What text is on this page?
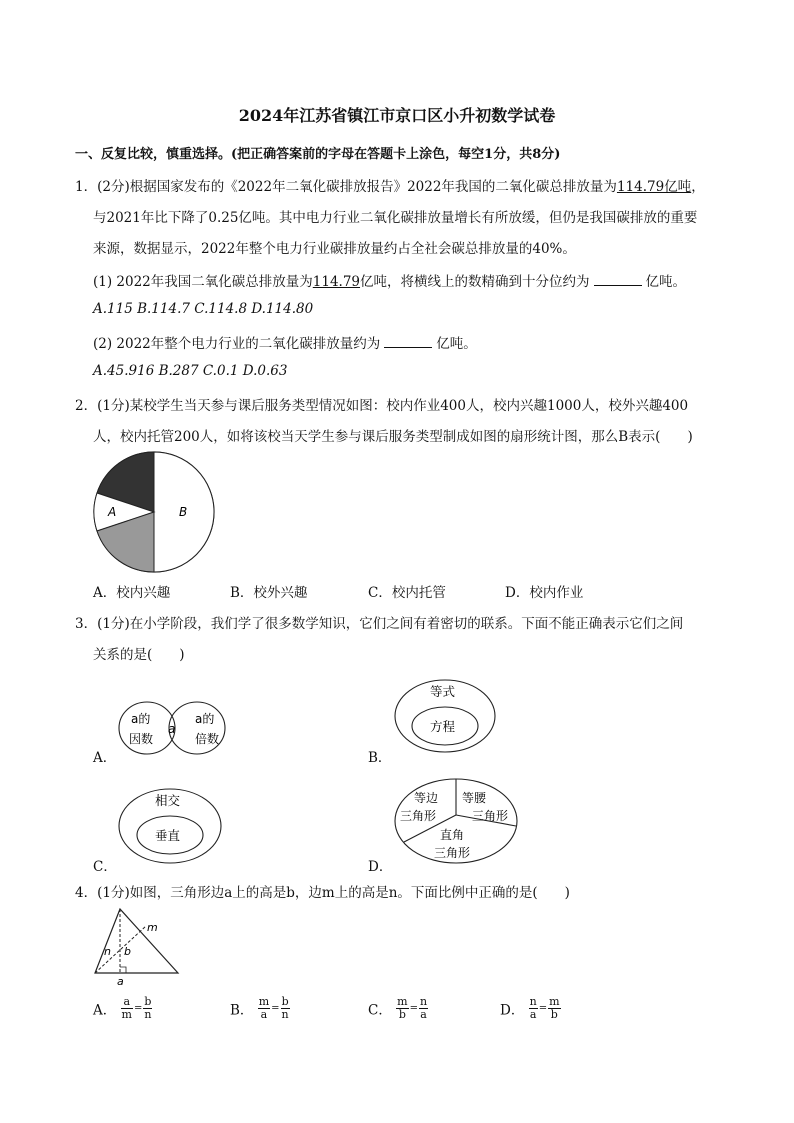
2024年江苏省镇江市京口区小升初数学试卷
一、反复比较，慎重选择。(把正确答案前的字母在答题卡上涂色，每空1分，共8分)
1．(2分)根据国家发布的《2022年二氧化碳排放报告》2022年我国的二氧化碳总排放量为114.79亿吨，
与2021年比下降了0.25亿吨。其中电力行业二氧化碳排放量增长有所放缓，但仍是我国碳排放的重要
来源，数据显示，2022年整个电力行业碳排放量约占全社会碳总排放量的40%。
(1) 2022年我国二氧化碳总排放量为114.79亿吨，将横线上的数精确到十分位约为	亿吨。
A.115 B.114.7 C.114.8 D.114.80
(2) 2022年整个电力行业的二氧化碳排放量约为	亿吨。
A.45.916 B.287 C.0.1 D.0.63
2．(1分)某校学生当天参与课后服务类型情况如图：校内作业400人，校内兴趣1000人，校外兴趣400
人，校内托管200人，如将该校当天学生参与课后服务类型制成如图的扇形统计图，那么B表示(　　)
A	B
A．校内兴趣	B．校外兴趣	C．校内托管	D．校内作业
3．(1分)在小学阶段，我们学了很多数学知识，它们之间有着密切的联系。下面不能正确表示它们之间
关系的是(　　)
A．
a的
因数
a
a的
倍数
B．
等式
方程
C．
相交
垂直
D．
等边
三角形
等腰
三角形
直角
三角形
4．(1分)如图，三角形边a上的高是b，边m上的高是n。下面比例中正确的是(　　)
m
n b
a
A． $\frac{a}{m} = \frac{b}{n}$	B． $\frac{m}{a} = \frac{b}{n}$	C． $\frac{m}{b} = \frac{n}{a}$	D． $\frac{n}{a} = \frac{m}{b}$
